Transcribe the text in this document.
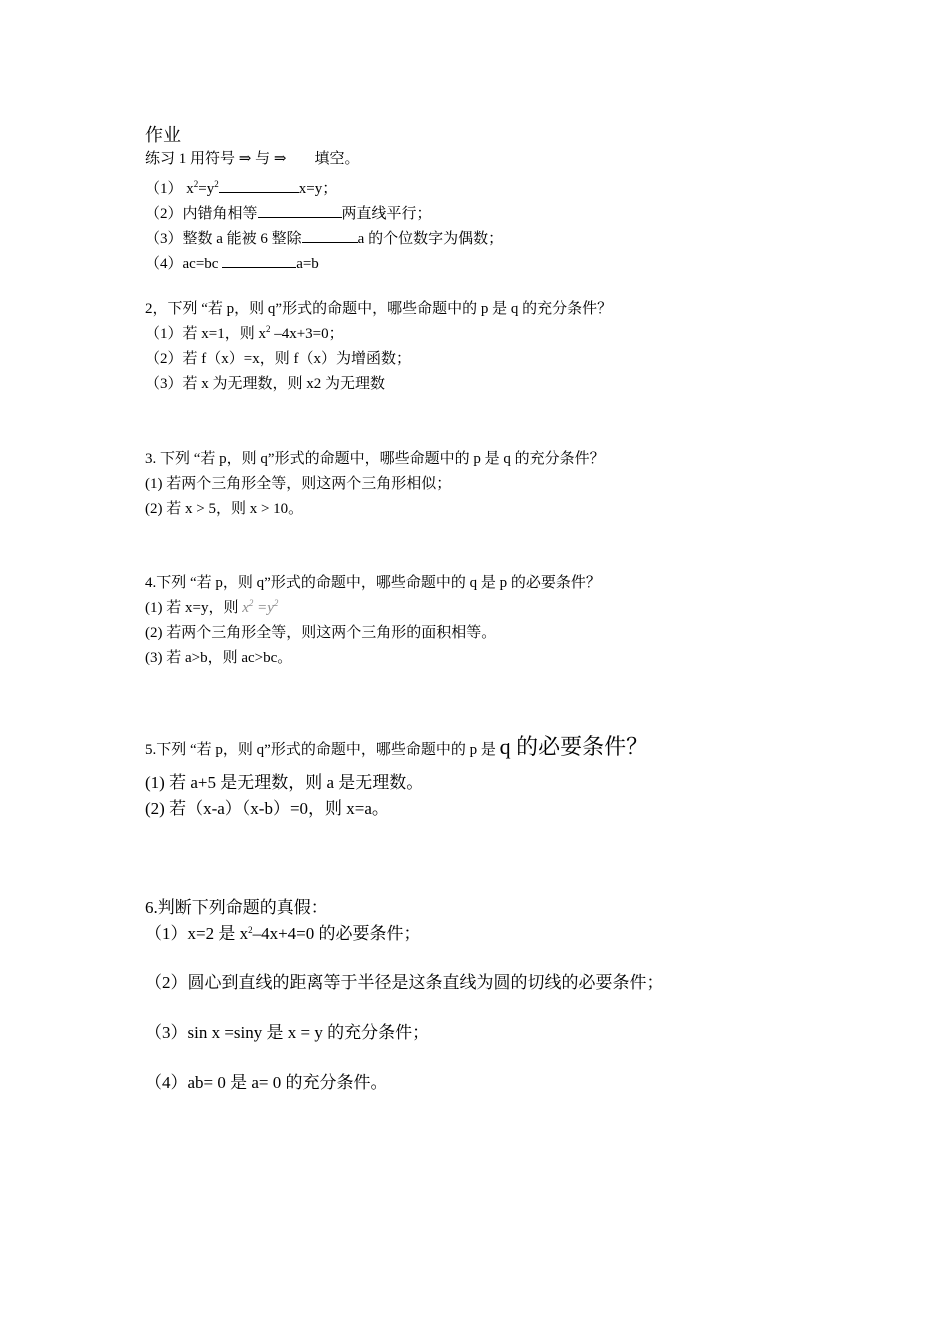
作业
练习 1 用符号 ⇒ 与 ⇒ 填空。
（1） $x^2=y^2$	x=y；
（2）内错角相等	两直线平行；
（3）整数 a 能被 6 整除	a 的个位数字为偶数；
（4）ac=bc	a=b
2，下列 “若 p，则 q”形式的命题中，哪些命题中的 p 是 q 的充分条件？
（1）若 x=1，则 $x^2$ –4x+3=0；
（2）若 f（x）=x，则 f（x）为增函数；
（3）若 x 为无理数，则 x2 为无理数
3. 下列 “若 p，则 q”形式的命题中，哪些命题中的 p 是 q 的充分条件？
(1) 若两个三角形全等，则这两个三角形相似；
(2) 若 x > 5，则 x > 10。
4.下列 “若 p，则 q”形式的命题中，哪些命题中的 q 是 p 的必要条件？
(1) 若 x=y，则 $x^2 =y^2$
(2) 若两个三角形全等，则这两个三角形的面积相等。
(3) 若 a>b，则 ac>bc。
5.下列 “若 p，则 q”形式的命题中，哪些命题中的 p 是 q 的必要条件？
(1) 若 a+5 是无理数，则 a 是无理数。
(2) 若（x-a）（x-b）=0，则 x=a。
6.判断下列命题的真假：
（1）x=2 是 $x^2-4x+4=0$ 的必要条件；
（2）圆心到直线的距离等于半径是这条直线为圆的切线的必要条件；
（3）sin x =siny 是 x = y 的充分条件；
（4）ab= 0 是 a= 0 的充分条件。
